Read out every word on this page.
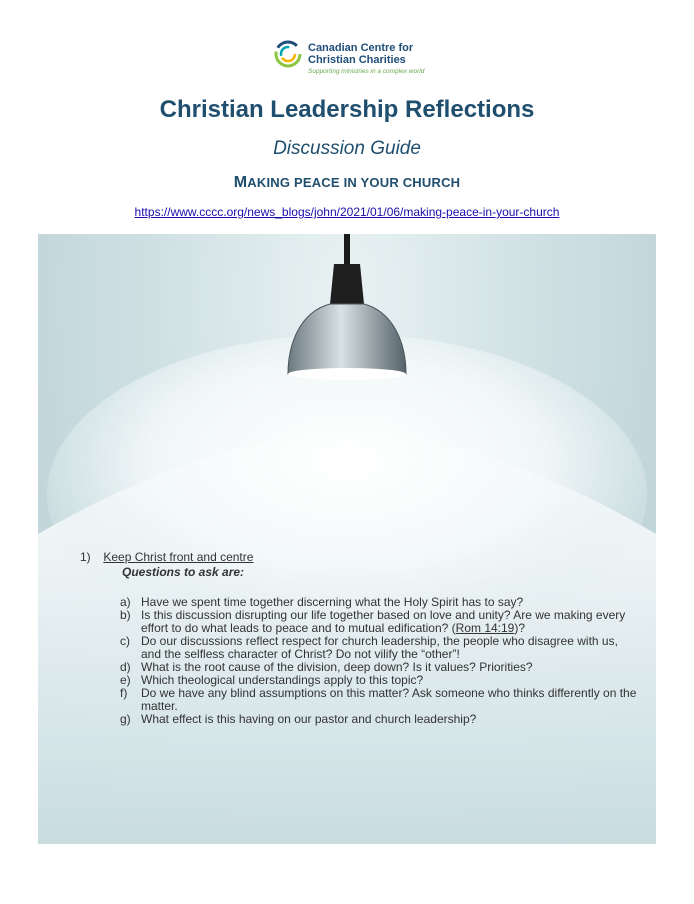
Canadian Centre for
Christian Charities
Supporting ministries in a complex world
Christian Leadership Reflections
Discussion Guide
MAKING PEACE IN YOUR CHURCH
https://www.cccc.org/news_blogs/john/2021/01/06/making-peace-in-your-church
1) Keep Christ front and centre
Questions to ask are:
a) Have we spent time together discerning what the Holy Spirit has to say?
b) Is this discussion disrupting our life together based on love and unity? Are we making every effort to do what leads to peace and to mutual edification? (Rom 14:19)?
c) Do our discussions reflect respect for church leadership, the people who disagree with us, and the selfless character of Christ? Do not vilify the “other”!
d) What is the root cause of the division, deep down? Is it values? Priorities?
e) Which theological understandings apply to this topic?
f)	Do we have any blind assumptions on this matter? Ask someone who thinks differently on the matter.
g) What effect is this having on our pastor and church leadership?
